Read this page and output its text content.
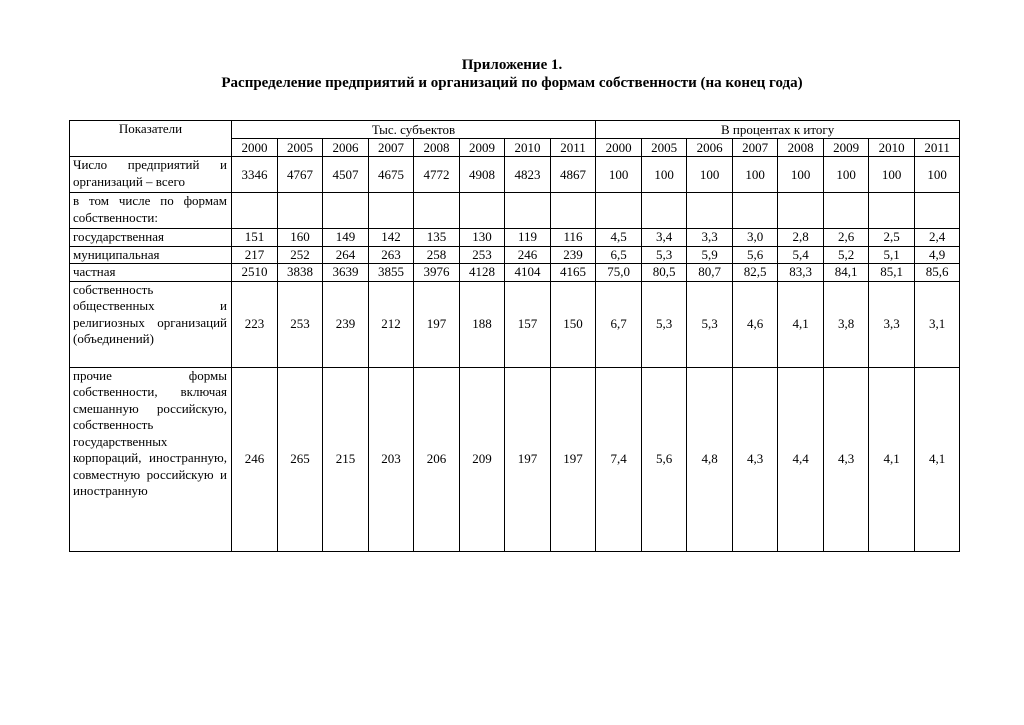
Приложение 1.
Распределение предприятий и организаций по формам собственности (на конец года)
Показатели	Тыс. субъектов								В процентах к итогу							
	2000	2005	2006	2007	2008	2009	2010	2011	2000	2005	2006	2007	2008	2009	2010	2011
Число предприятий и организаций – всего	3346	4767	4507	4675	4772	4908	4823	4867	100	100	100	100	100	100	100	100
в том числе по формам собственности:																
государственная	151	160	149	142	135	130	119	116	4,5	3,4	3,3	3,0	2,8	2,6	2,5	2,4
муниципальная	217	252	264	263	258	253	246	239	6,5	5,3	5,9	5,6	5,4	5,2	5,1	4,9
частная	2510	3838	3639	3855	3976	4128	4104	4165	75,0	80,5	80,7	82,5	83,3	84,1	85,1	85,6
собственность общественных и религиозных организаций (объединений)	223	253	239	212	197	188	157	150	6,7	5,3	5,3	4,6	4,1	3,8	3,3	3,1
прочие формы собственности, включая смешанную российскую, собственность государственных корпораций, иностранную, совместную российскую и иностранную	246	265	215	203	206	209	197	197	7,4	5,6	4,8	4,3	4,4	4,3	4,1	4,1
